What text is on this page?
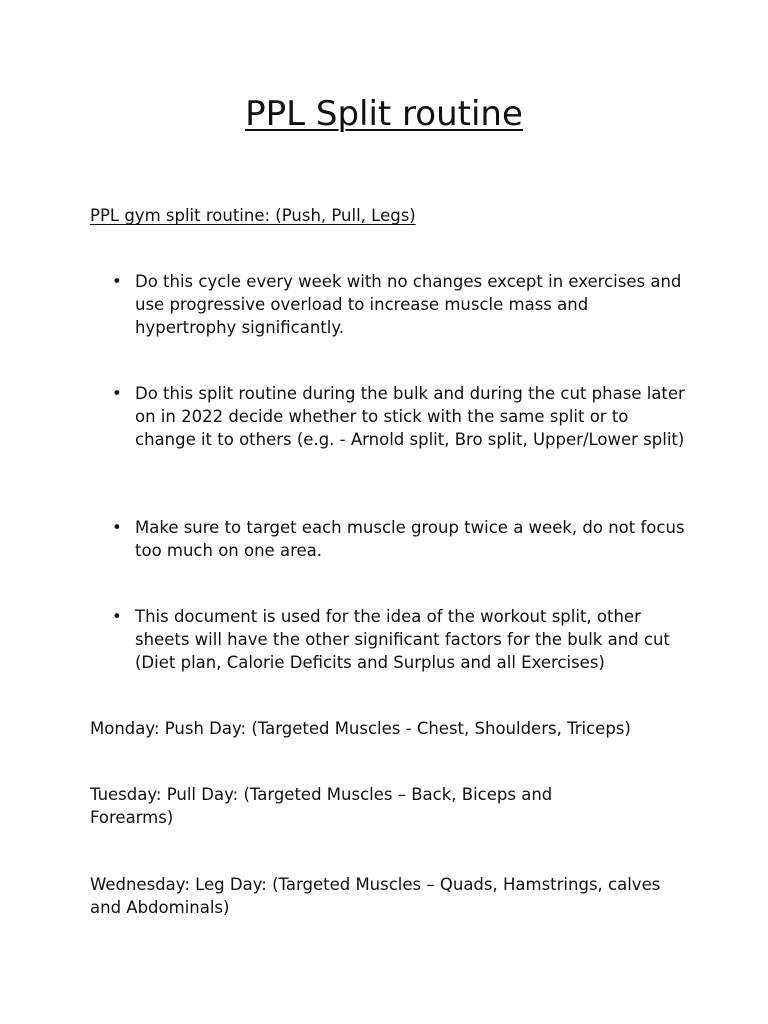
PPL Split routine

PPL gym split routine: (Push, Pull, Legs)

• Do this cycle every week with no changes except in exercises and use progressive overload to increase muscle mass and hypertrophy significantly.
• Do this split routine during the bulk and during the cut phase later on in 2022 decide whether to stick with the same split or to change it to others (e.g. - Arnold split, Bro split, Upper/Lower split)
• Make sure to target each muscle group twice a week, do not focus too much on one area.
• This document is used for the idea of the workout split, other sheets will have the other significant factors for the bulk and cut (Diet plan, Calorie Deficits and Surplus and all Exercises)

Monday: Push Day: (Targeted Muscles - Chest, Shoulders, Triceps)

Tuesday: Pull Day: (Targeted Muscles – Back, Biceps and Forearms)

Wednesday: Leg Day: (Targeted Muscles – Quads, Hamstrings, calves and Abdominals)
